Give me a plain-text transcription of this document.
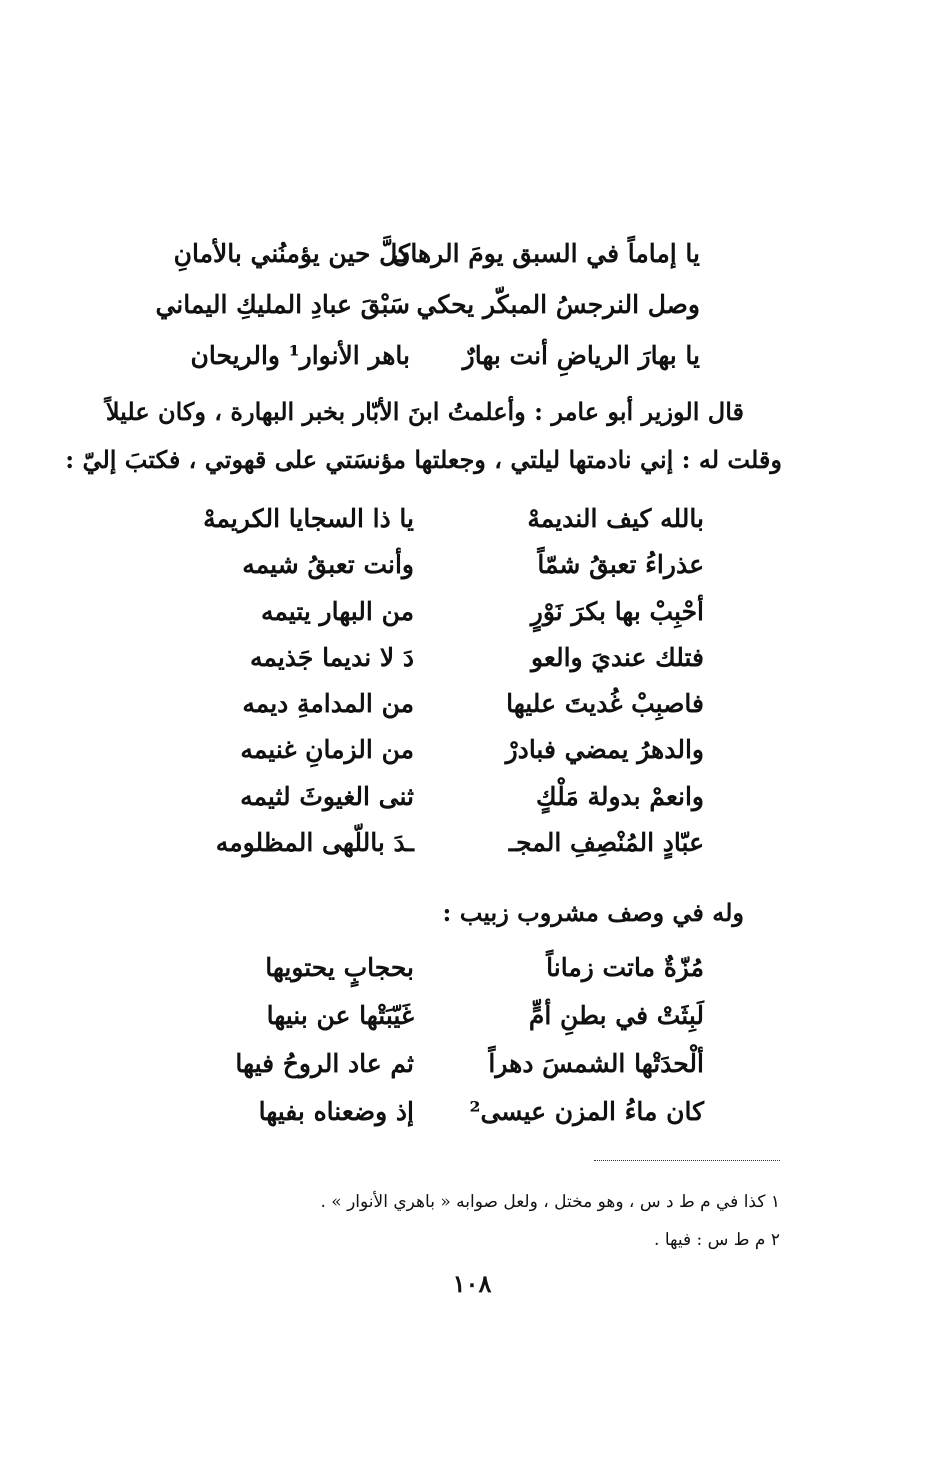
يا إماماً في السبق يومَ الرهان
كلَّ حين يؤمنُني بالأمانِ
وصل النرجسُ المبكّر يحكي
سَبْقَ عبادِ المليكِ اليماني
يا بهارَ الرياضِ أنت بهارٌ
باهر الأنوار¹ والريحان
قال الوزير أبو عامر : وأعلمتُ ابنَ الأبّار بخبر البهارة ، وكان عليلاً
وقلت له : إني نادمتها ليلتي ، وجعلتها مؤنسَتي على قهوتي ، فكتبَ إليّ :
بالله كيف النديمهْ
يا ذا السجايا الكريمهْ
عذراءُ تعبقُ شمّاً
وأنت تعبقُ شيمه
أحْبِبْ بها بكرَ نَوْرٍ
من البهار يتيمه
فتلك عنديَ والعو
دَ لا نديما جَذيمه
فاصبِبْ غُديتَ عليها
من المدامةِ ديمه
والدهرُ يمضي فبادرْ
من الزمانِ غنيمه
وانعمْ بدولة مَلْكٍ
ثنى الغيوثَ لثيمه
عبّادٍ المُنْصِفِ المجـ
ـدَ باللّهى المظلومه
وله في وصف مشروب زبيب :
مُزّةٌ ماتت زماناً
بحجابٍ يحتويها
لَبِثَتْ في بطنِ أمٍّ
غَيّبَتْها عن بنيها
ألْحدَتْها الشمسَ دهراً
ثم عاد الروحُ فيها
كان ماءُ المزن عيسى²
إذ وضعناه بفيها
١ كذا في م ط د س ، وهو مختل ، ولعل صوابه « باهري الأنوار » .
٢ م ط س : فيها .
١٠٨
